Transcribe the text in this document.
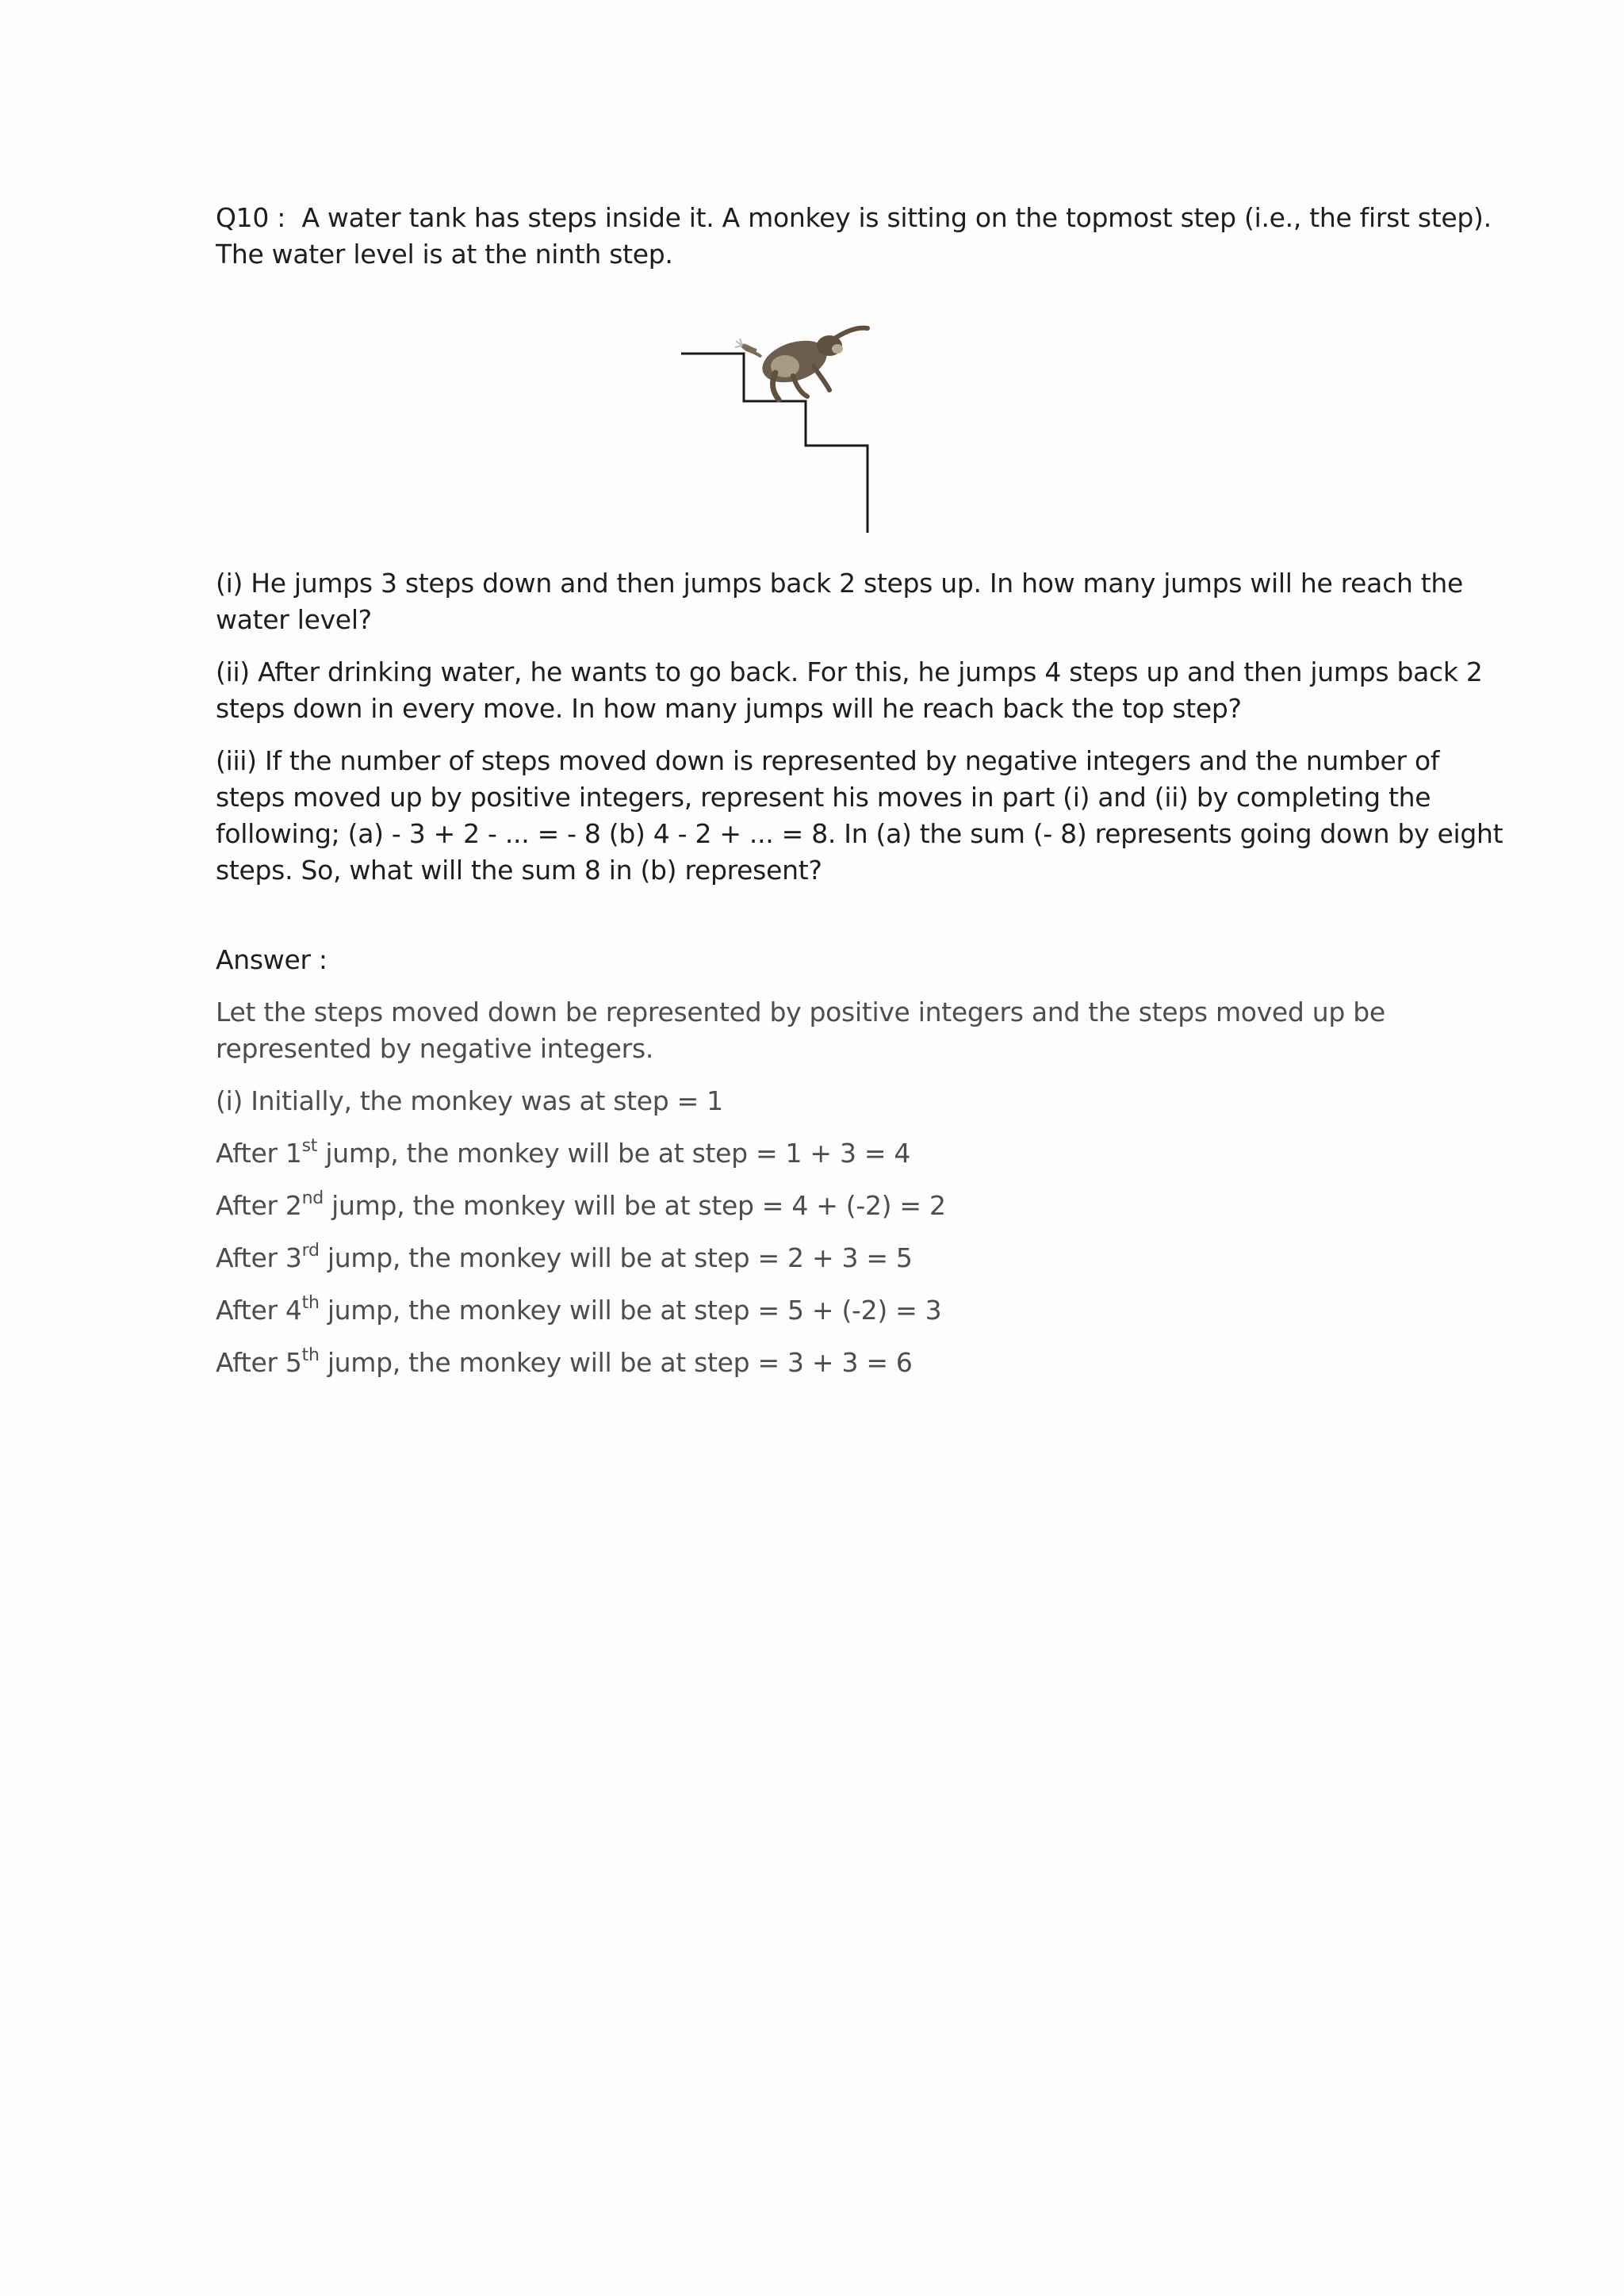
Q10 : A water tank has steps inside it. A monkey is sitting on the topmost step (i.e., the first step).
The water level is at the ninth step.
(i) He jumps 3 steps down and then jumps back 2 steps up. In how many jumps will he reach the
water level?
(ii) After drinking water, he wants to go back. For this, he jumps 4 steps up and then jumps back 2
steps down in every move. In how many jumps will he reach back the top step?
(iii) If the number of steps moved down is represented by negative integers and the number of
steps moved up by positive integers, represent his moves in part (i) and (ii) by completing the
following; (a) - 3 + 2 - ... = - 8 (b) 4 - 2 + ... = 8. In (a) the sum (- 8) represents going down by eight
steps. So, what will the sum 8 in (b) represent?
Answer :
Let the steps moved down be represented by positive integers and the steps moved up be
represented by negative integers.
(i) Initially, the monkey was at step = 1
After 1st jump, the monkey will be at step = 1 + 3 = 4
After 2nd jump, the monkey will be at step = 4 + (-2) = 2
After 3rd jump, the monkey will be at step = 2 + 3 = 5
After 4th jump, the monkey will be at step = 5 + (-2) = 3
After 5th jump, the monkey will be at step = 3 + 3 = 6
